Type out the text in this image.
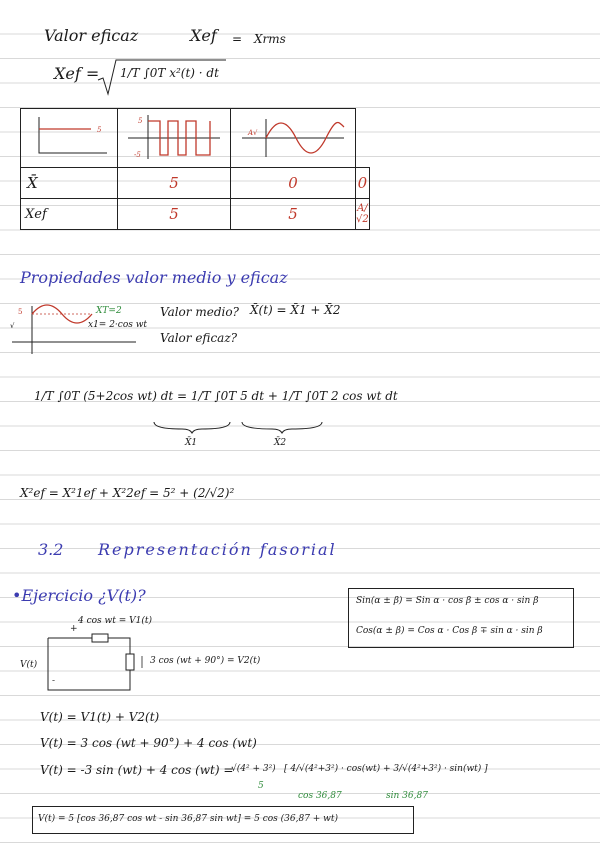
Valor eficaz	Xef = Xrms
Xef = 1/T ∫0T x²(t) · dt
5	5
-5	A√	

X̄	5	0	0
Xef	5	5	A/√2
Propiedades valor medio y eficaz
5
√
XT=2
x1= 2·cos wt
Valor medio? X̄(t) = X̄1 + X̄2
Valor eficaz?
1/T ∫0T (5+2cos wt) dt = 1/T ∫0T 5 dt + 1/T ∫0T 2 cos wt dt
X̄1	X̄2
X²ef = X²1ef + X²2ef = 5² + (2/√2)²
3.2 Representación fasorial
•Ejercicio ¿V(t)?	Sin(α ± β) = Sin α · cos β ± cos α · sin β
Cos(α ± β) = Cos α · Cos β ∓ sin α · sin β
4 cos wt = V1(t)
3 cos (wt + 90°) = V2(t)
V(t)
+
-
V(t) = V1(t) + V2(t)
V(t) = 3 cos (wt + 90°) + 4 cos (wt)
V(t) = -3 sin (wt) + 4 cos (wt) =
√(4² + 3²) [ 4/√(4²+3²) · cos(wt) + 3/√(4²+3²) · sin(wt) ]
5
cos 36,87	sin 36,87
V(t) = 5 [cos 36,87 cos wt - sin 36,87 sin wt] = 5 cos (36,87 + wt)
